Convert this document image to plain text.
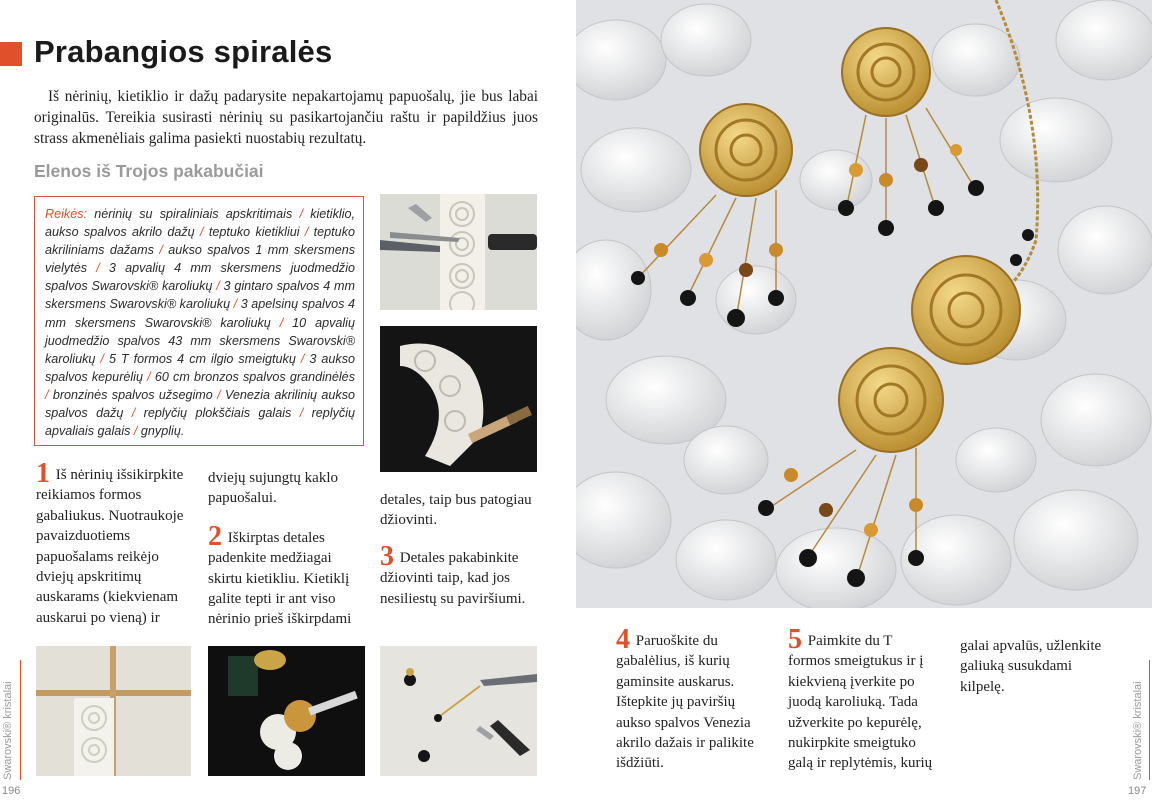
Prabangios spiralės

Iš nėrinių, kietiklio ir dažų padarysite nepakartojamų papuošalų, jie bus labai originalūs. Tereikia susirasti nėrinių su pasikartojančiu raštu ir papildžius juos strass akmenėliais galima pasiekti nuostabių rezultatų.

Elenos iš Trojos pakabučiai
Reikės: nėrinių su spiraliniais apskritimais / kietiklio, aukso spalvos akrilo dažų / teptuko kietikliui / teptuko akriliniams dažams / aukso spalvos 1 mm skersmens vielytės / 3 apvalių 4 mm skersmens juodmedžio spalvos Swarovski® karoliukų / 3 gintaro spalvos 4 mm skersmens Swarovski® karoliukų / 3 apelsinų spalvos 4 mm skersmens Swarovski® karoliukų / 10 apvalių juodmedžio spalvos 43 mm skersmens Swarovski® karoliukų / 5 T formos 4 cm ilgio smeigtukų / 3 aukso spalvos kepurėlių / 60 cm bronzos spalvos grandinėlės / bronzinės spalvos užsegimo / Venezia akrilinių aukso spalvos dažų / replyčių plokščiais galais / replyčių apvaliais galais / gnyplių.
1 Iš nėrinių išsikirpkite reikiamos formos gabaliukus. Nuotraukoje pavaizduotiems papuošalams reikėjo dviejų apskritimų auskarams (kiekvienam auskarui po vieną) ir
dviejų sujungtų kaklo papuošalui.
2 Iškirptas detales padenkite medžiagai skirtu kietikliu. Kietiklį galite tepti ir ant viso nėrinio prieš iškirpdami
detales, taip bus patogiau džiovinti.
3 Detales pakabinkite džiovinti taip, kad jos nesiliestų su paviršiumi.
Swarovski® kristalai
196
4 Paruoškite du gabalėlius, iš kurių gaminsite auskarus. Ištepkite jų paviršių aukso spalvos Venezia akrilo dažais ir palikite išdžiūti.
5 Paimkite du T formos smeigtukus ir į kiekvieną įverkite po juodą karoliuką. Tada užverkite po kepurėlę, nukirpkite smeigtuko galą ir replytėmis, kurių
galai apvalūs, užlenkite galiuką susukdami kilpelę.	Swarovski® kristalai
197
